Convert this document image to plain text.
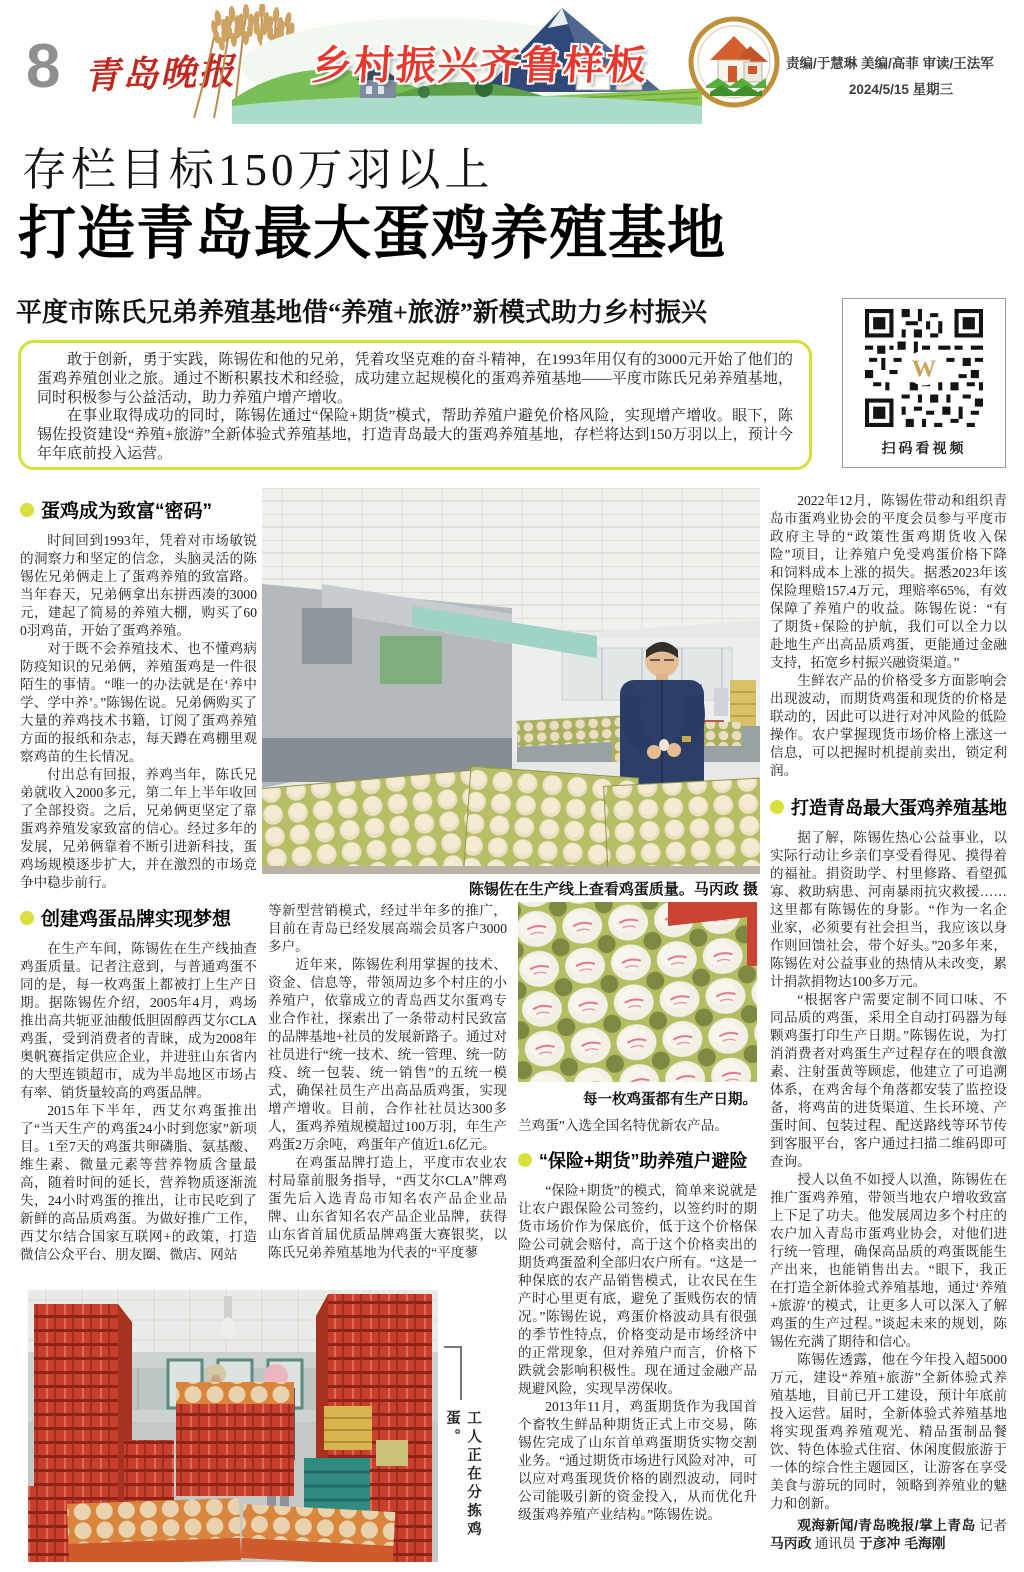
8 青岛晚报 乡村振兴齐鲁样板	责编/于慧琳 美编/高菲 审读/王法军
2024/5/15 星期三
存栏目标150万羽以上
打造青岛最大蛋鸡养殖基地
平度市陈氏兄弟养殖基地借“养殖+旅游”新模式助力乡村振兴

敢于创新，勇于实践，陈锡佐和他的兄弟，凭着攻坚克难的奋斗精神，在1993年用仅有的3000元开始了他们的蛋鸡养殖创业之旅。通过不断积累技术和经验，成功建立起规模化的蛋鸡养殖基地——平度市陈氏兄弟养殖基地，同时积极参与公益活动，助力养殖户增产增收。

在事业取得成功的同时，陈锡佐通过“保险+期货”模式，帮助养殖户避免价格风险，实现增产增收。眼下，陈锡佐投资建设“养殖+旅游”全新体验式养殖基地，打造青岛最大的蛋鸡养殖基地，存栏将达到150万羽以上，预计今年年底前投入运营。

W
扫码看视频
蛋鸡成为致富“密码”

时间回到1993年，凭着对市场敏锐的洞察力和坚定的信念，头脑灵活的陈锡佐兄弟俩走上了蛋鸡养殖的致富路。当年春天，兄弟俩拿出东拼西凑的3000元，建起了简易的养殖大棚，购买了600羽鸡苗，开始了蛋鸡养殖。

对于既不会养殖技术、也不懂鸡病防疫知识的兄弟俩，养殖蛋鸡是一件很陌生的事情。“唯一的办法就是在‘养中学、学中养’。”陈锡佐说。兄弟俩购买了大量的养鸡技术书籍，订阅了蛋鸡养殖方面的报纸和杂志，每天蹲在鸡棚里观察鸡苗的生长情况。

付出总有回报，养鸡当年，陈氏兄弟就收入2000多元，第二年上半年收回了全部投资。之后，兄弟俩更坚定了靠蛋鸡养殖发家致富的信心。经过多年的发展，兄弟俩靠着不断引进新科技，蛋鸡场规模逐步扩大，并在激烈的市场竞争中稳步前行。

创建鸡蛋品牌实现梦想

在生产车间，陈锡佐在生产线抽查鸡蛋质量。记者注意到，与普通鸡蛋不同的是，每一枚鸡蛋上都被打上生产日期。据陈锡佐介绍，2005年4月，鸡场推出高共轭亚油酸低胆固醇西艾尔CLA鸡蛋，受到消费者的青睐，成为2008年奥帆赛指定供应企业，并进驻山东省内的大型连锁超市，成为半岛地区市场占有率、销货量较高的鸡蛋品牌。

2015年下半年，西艾尔鸡蛋推出了“当天生产的鸡蛋24小时到您家”新项目。1至7天的鸡蛋共卵磷脂、氨基酸、维生素、微量元素等营养物质含量最高，随着时间的延长，营养物质逐渐流失，24小时鸡蛋的推出，让市民吃到了新鲜的高品质鸡蛋。为做好推广工作，西艾尔结合国家互联网+的政策，打造微信公众平台、朋友圈、微店、网站

陈锡佐在生产线上查看鸡蛋质量。马丙政 摄

等新型营销模式，经过半年多的推广，目前在青岛已经发展高端会员客户3000多户。

近年来，陈锡佐利用掌握的技术、资金、信息等，带领周边多个村庄的小养殖户，依靠成立的青岛西艾尔蛋鸡专业合作社，探索出了一条带动村民致富的品牌基地+社员的发展新路子。通过对社员进行“统一技术、统一管理、统一防疫、统一包装、统一销售”的五统一模式，确保社员生产出高品质鸡蛋，实现增产增收。目前，合作社社员达300多人，蛋鸡养殖规模超过100万羽，年生产鸡蛋2万余吨，鸡蛋年产值近1.6亿元。

在鸡蛋品牌打造上，平度市农业农村局靠前服务指导，“西艾尔CLA”牌鸡蛋先后入选青岛市知名农产品企业品牌、山东省知名农产品企业品牌，获得山东省首届优质品牌鸡蛋大赛银奖，以陈氏兄弟养殖基地为代表的“平度蓼

每一枚鸡蛋都有生产日期。

兰鸡蛋”入选全国名特优新农产品。

“保险+期货”助养殖户避险

“保险+期货”的模式，简单来说就是让农户跟保险公司签约，以签约时的期货市场价作为保底价，低于这个价格保险公司就会赔付，高于这个价格卖出的期货鸡蛋盈利全部归农户所有。“这是一种保底的农产品销售模式，让农民在生产时心里更有底，避免了蛋贱伤农的情况。”陈锡佐说，鸡蛋价格波动具有很强的季节性特点，价格变动是市场经济中的正常现象，但对养殖户而言，价格下跌就会影响积极性。现在通过金融产品规避风险，实现旱涝保收。

2013年11月，鸡蛋期货作为我国首个畜牧生鲜品种期货正式上市交易，陈锡佐完成了山东首单鸡蛋期货实物交割业务。“通过期货市场进行风险对冲，可以应对鸡蛋现货价格的剧烈波动，同时公司能吸引新的资金投入，从而优化升级蛋鸡养殖产业结构。”陈锡佐说。

2022年12月，陈锡佐带动和组织青岛市蛋鸡业协会的平度会员参与平度市政府主导的“政策性蛋鸡期货收入保险”项目，让养殖户免受鸡蛋价格下降和饲料成本上涨的损失。据悉2023年该保险理赔157.4万元，理赔率65%，有效保障了养殖户的收益。陈锡佐说：“有了期货+保险的护航，我们可以全力以赴地生产出高品质鸡蛋，更能通过金融支持，拓宽乡村振兴融资渠道。”

生鲜农产品的价格受多方面影响会出现波动，而期货鸡蛋和现货的价格是联动的，因此可以进行对冲风险的低险操作。农户掌握现货市场价格上涨这一信息，可以把握时机提前卖出，锁定利润。

打造青岛最大蛋鸡养殖基地

据了解，陈锡佐热心公益事业，以实际行动让乡亲们享受看得见、摸得着的福祉。捐资助学、村里修路、看望孤寡、救助病患、河南暴雨抗灾救援……这里都有陈锡佐的身影。“作为一名企业家，必须要有社会担当，我应该以身作则回馈社会，带个好头。”20多年来，陈锡佐对公益事业的热情从未改变，累计捐款捐物达100多万元。

“根据客户需要定制不同口味、不同品质的鸡蛋，采用全自动打码器为每颗鸡蛋打印生产日期。”陈锡佐说，为打消消费者对鸡蛋生产过程存在的喂食激素、注射蛋黄等顾虑，他建立了可追溯体系，在鸡舍每个角落都安装了监控设备，将鸡苗的进货渠道、生长环境、产蛋时间、包装过程、配送路线等环节传到客服平台，客户通过扫描二维码即可查询。

授人以鱼不如授人以渔，陈锡佐在推广蛋鸡养殖，带领当地农户增收致富上下足了功夫。他发展周边多个村庄的农户加入青岛市蛋鸡业协会，对他们进行统一管理，确保高品质的鸡蛋既能生产出来，也能销售出去。“眼下，我正在打造全新体验式养殖基地，通过‘养殖+旅游’的模式，让更多人可以深入了解鸡蛋的生产过程。”谈起未来的规划，陈锡佐充满了期待和信心。

陈锡佐透露，他在今年投入超5000万元，建设“养殖+旅游”全新体验式养殖基地，目前已开工建设，预计年底前投入运营。届时，全新体验式养殖基地将实现蛋鸡养殖观光、精品蛋制品餐饮、特色体验式住宿、休闲度假旅游于一体的综合性主题园区，让游客在享受美食与游玩的同时，领略到养殖业的魅力和创新。

观海新闻/青岛晚报/掌上青岛 记者 马丙政 通讯员 于彦冲 毛海刚

工人正在分拣鸡蛋。
